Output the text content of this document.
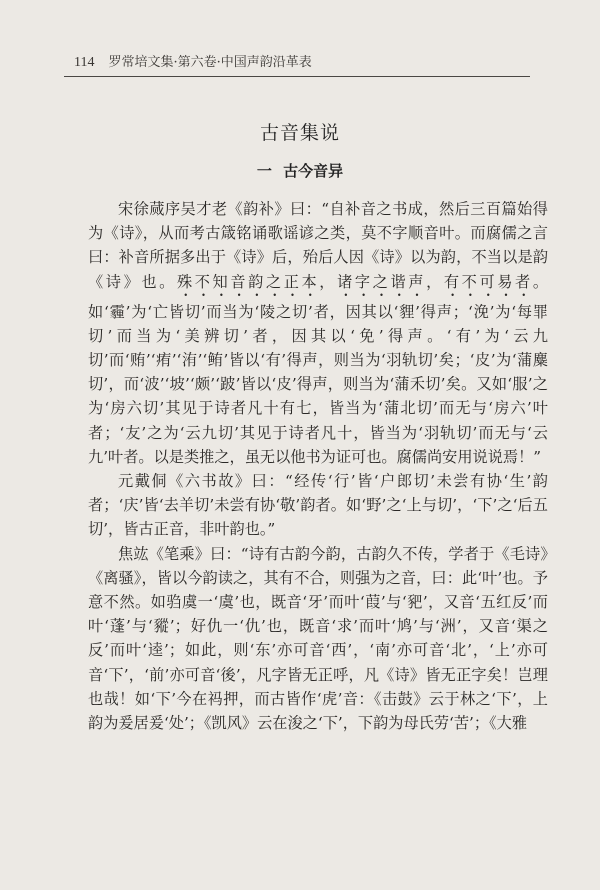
114 罗常培文集·第六卷·中国声韵沿革表
古音集说
一 古今音异

宋徐蒇序吴才老《韵补》曰：“自补音之书成，然后三百篇始得为《诗》，从而考古箴铭诵歌谣谚之类，莫不字顺音叶。而腐儒之言曰：补音所据多出于《诗》后，殆后人因《诗》以为韵，不当以是韵《诗》也。殊不知音韵之正本，诸字之谐声，有不可易者。如‘霾’为‘亡皆切’而当为‘陵之切’者，因其以‘貍’得声；‘浼’为‘每罪切’而当为‘美辨切’者，因其以‘免’得声。‘有’为‘云九切’而‘贿’‘痏’‘洧’‘鲔’皆以‘有’得声，则当为‘羽轨切’矣；‘皮’为‘蒲麋切’，而‘波’‘坡’‘颇’‘跛’皆以‘皮’得声，则当为‘蒲禾切’矣。又如‘服’之为‘房六切’其见于诗者凡十有七，皆当为‘蒲北切’而无与‘房六’叶者；‘友’之为‘云九切’其见于诗者凡十，皆当为‘羽轨切’而无与‘云九’叶者。以是类推之，虽无以他书为证可也。腐儒尚安用说说焉！”

元戴侗《六书故》曰：“经传‘行’皆‘户郎切’未尝有协‘生’韵者；‘庆’皆‘去羊切’未尝有协‘敬’韵者。如‘野’之‘上与切’，‘下’之‘后五切’，皆古正音，非叶韵也。”

焦竑《笔乘》曰：“诗有古韵今韵，古韵久不传，学者于《毛诗》《离骚》，皆以今韵读之，其有不合，则强为之音，曰：此‘叶’也。予意不然。如驺虞一‘虞’也，既音‘牙’而叶‘葭’与‘豝’，又音‘五红反’而叶‘蓬’与‘豵’；好仇一‘仇’也，既音‘求’而叶‘鸠’与‘洲’，又音‘渠之反’而叶‘逵’；如此，则‘东’亦可音‘西’，‘南’亦可音‘北’，‘上’亦可音‘下’，‘前’亦可音‘後’，凡字皆无正呼，凡《诗》皆无正字矣！岂理也哉！如‘下’今在祃押，而古皆作‘虎’音：《击鼓》云于林之‘下’，上韵为爰居爰‘处’；《凯风》云在浚之‘下’，下韵为母氏劳‘苦’；《大雅
